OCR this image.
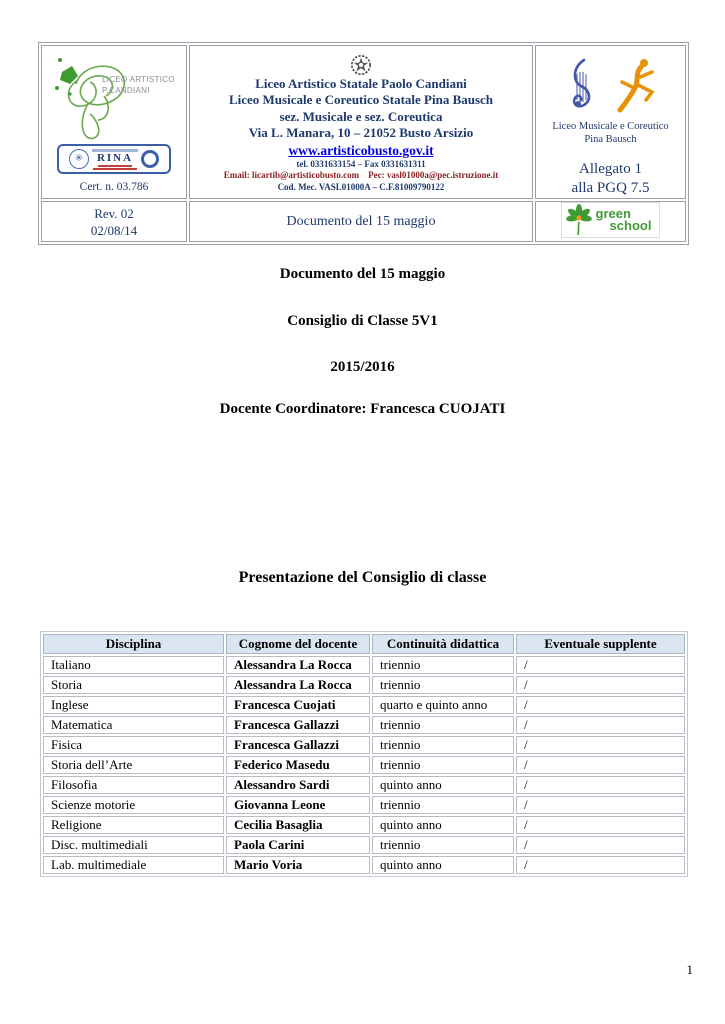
LICEO ARTISTICO
P.CANDIANI
✳	RINA
Cert. n. 03.786

Liceo Artistico Statale Paolo Candiani
Liceo Musicale e Coreutico Statale Pina Bausch
sez. Musicale e sez. Coreutica
Via L. Manara, 10 – 21052 Busto Arsizio
www.artisticobusto.gov.it
tel. 0331633154 – Fax 0331631311
Email: licartib@artisticobusto.com    Pec: vasl01000a@pec.istruzione.it
Cod. Mec. VASL01000A – C.F.81009790122

Liceo Musicale e Coreutico
Pina Bausch
Allegato 1
alla PGQ 7.5

Rev. 02
02/08/14

Documento del 15 maggio	green
school
Documento del 15 maggio
Consiglio di Classe 5V1
2015/2016
Docente Coordinatore: Francesca CUOJATI
Presentazione del Consiglio di classe
Disciplina	Cognome del docente	Continuità didattica	Eventuale supplente
Italiano	Alessandra La Rocca	triennio	/
Storia	Alessandra La Rocca	triennio	/
Inglese	Francesca Cuojati	quarto e quinto anno	/
Matematica	Francesca Gallazzi	triennio	/
Fisica	Francesca Gallazzi	triennio	/
Storia dell’Arte	Federico Masedu	triennio	/
Filosofia	Alessandro Sardi	quinto anno	/
Scienze motorie	Giovanna Leone	triennio	/
Religione	Cecilia Basaglia	quinto anno	/
Disc. multimediali	Paola Carini	triennio	/
Lab. multimediale	Mario Voria	quinto anno	/
1
